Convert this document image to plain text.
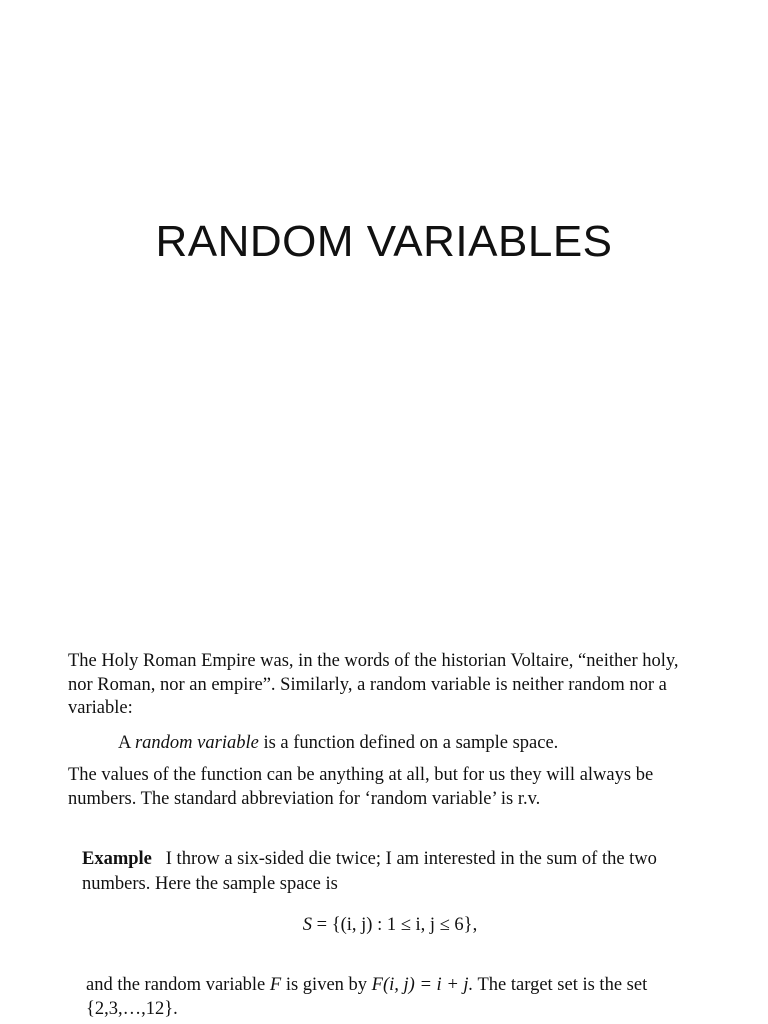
RANDOM VARIABLES
The Holy Roman Empire was, in the words of the historian Voltaire, “neither holy,
nor Roman, nor an empire”. Similarly, a random variable is neither random nor a
variable:
A random variable is a function defined on a sample space.
The values of the function can be anything at all, but for us they will always be
numbers. The standard abbreviation for ‘random variable’ is r.v.
Example I throw a six-sided die twice; I am interested in the sum of the two
numbers. Here the sample space is
S = {(i, j) : 1 ≤ i, j ≤ 6},
and the random variable F is given by F(i, j) = i + j. The target set is the set
{2,3,…,12}.
